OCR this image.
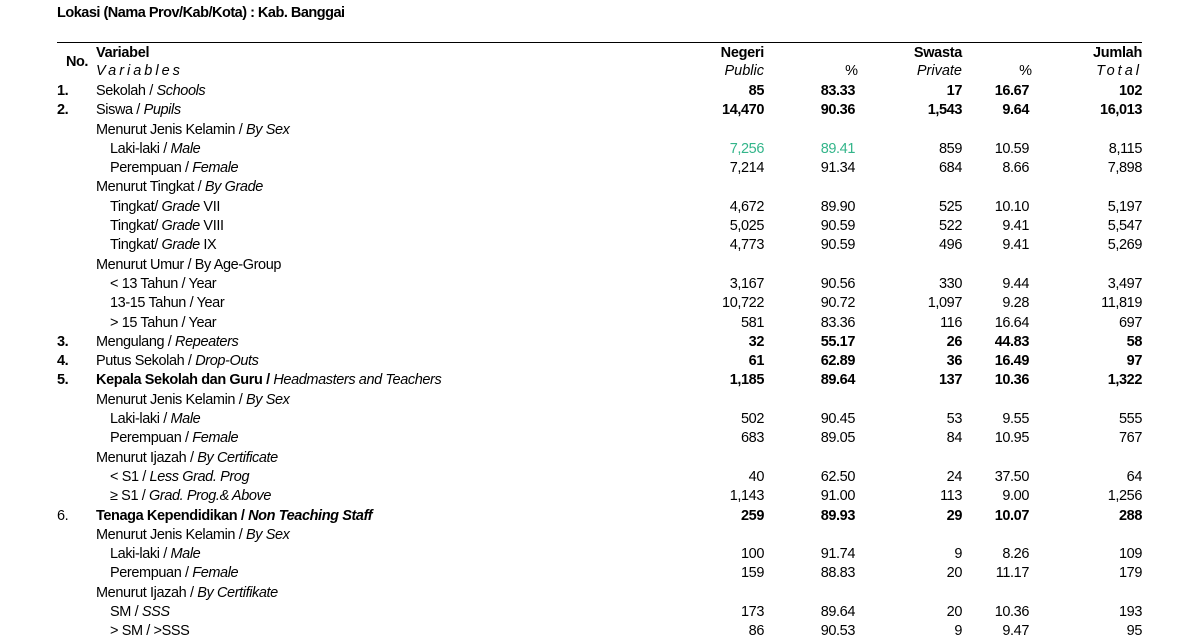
Lokasi (Nama Prov/Kab/Kota) : Kab. Banggai
No.
Variabel
Variables
Negeri
Public	%
Swasta
Private	%
Jumlah
Total
1. Sekolah / Schools	85	83.33	17 16.67	102
2. Siswa / Pupils	14,470	90.36	1,543	9.64	16,013
Menurut Jenis Kelamin / By Sex
Laki-laki / Male	7,256	89.41	859 10.59	8,115
Perempuan / Female	7,214	91.34	684	8.66	7,898
Menurut Tingkat / By Grade
Tingkat/ Grade VII	4,672	89.90	525 10.10	5,197
Tingkat/ Grade VIII	5,025	90.59	522	9.41	5,547
Tingkat/ Grade IX	4,773	90.59	496	9.41	5,269
Menurut Umur / By Age-Group
< 13 Tahun / Year	3,167	90.56	330	9.44	3,497
13-15 Tahun / Year	10,722	90.72	1,097	9.28	11,819
> 15 Tahun / Year	581	83.36	116 16.64	697
3. Mengulang / Repeaters	32	55.17	26 44.83	58
4. Putus Sekolah / Drop-Outs	61	62.89	36 16.49	97
5. Kepala Sekolah dan Guru / Headmasters and Teachers	1,185	89.64	137 10.36	1,322
Menurut Jenis Kelamin / By Sex
Laki-laki / Male	502	90.45	53	9.55	555
Perempuan / Female	683	89.05	84 10.95	767
Menurut Ijazah / By Certificate
< S1 / Less Grad. Prog	40	62.50	24 37.50	64
≥ S1 / Grad. Prog.& Above	1,143	91.00	113	9.00	1,256
6. Tenaga Kependidikan / Non Teaching Staff	259	89.93	29 10.07	288
Menurut Jenis Kelamin / By Sex
Laki-laki / Male	100	91.74	9	8.26	109
Perempuan / Female	159	88.83	20 11.17	179
Menurut Ijazah / By Certifikate
SM / SSS	173	89.64	20 10.36	193
> SM / >SSS	86	90.53	9	9.47	95
